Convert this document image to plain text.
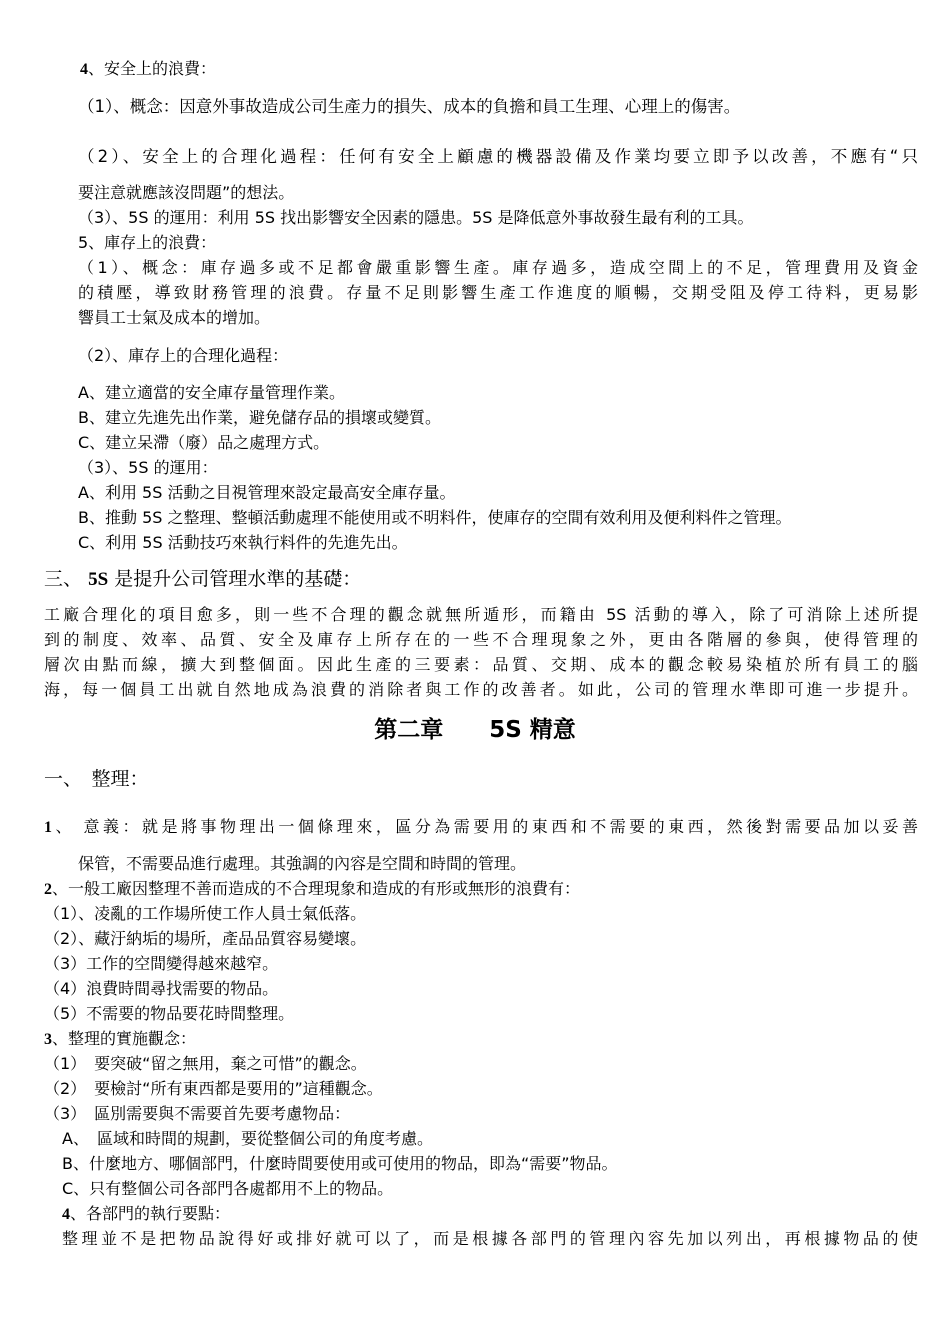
4、安全上的浪費：
（1）、概念：因意外事故造成公司生產力的損失、成本的負擔和員工生理、心理上的傷害。
（2）、安全上的合理化過程：任何有安全上顧慮的機器設備及作業均要立即予以改善，不應有“只
要注意就應該沒問題”的想法。
（3）、5S 的運用：利用 5S 找出影響安全因素的隱患。5S 是降低意外事故發生最有利的工具。
5、庫存上的浪費：
（1）、概念：庫存過多或不足都會嚴重影響生產。庫存過多，造成空間上的不足，管理費用及資金
的積壓，導致財務管理的浪費。存量不足則影響生產工作進度的順暢，交期受阻及停工待料，更易影
響員工士氣及成本的增加。
（2）、庫存上的合理化過程：
A、建立適當的安全庫存量管理作業。
B、建立先進先出作業，避免儲存品的損壞或變質。
C、建立呆滯（廢）品之處理方式。
（3）、5S 的運用：
A、利用 5S 活動之目視管理來設定最高安全庫存量。
B、推動 5S 之整理、整頓活動處理不能使用或不明料件，使庫存的空間有效利用及便利料件之管理。
C、利用 5S 活動技巧來執行料件的先進先出。
三、 5S 是提升公司管理水準的基礎：
工廠合理化的項目愈多，則一些不合理的觀念就無所遁形，而籍由 5S 活動的導入，除了可消除上述所提
到的制度、效率、品質、安全及庫存上所存在的一些不合理現象之外，更由各階層的參與，使得管理的
層次由點而線，擴大到整個面。因此生產的三要素：品質、交期、成本的觀念較易染植於所有員工的腦
海，每一個員工出就自然地成為浪費的消除者與工作的改善者。如此，公司的管理水準即可進一步提升。
第二章　　5S 精意
一、　整理：
1、 意義：就是將事物理出一個條理來，區分為需要用的東西和不需要的東西，然後對需要品加以妥善
保管，不需要品進行處理。其強調的內容是空間和時間的管理。
2、一般工廠因整理不善而造成的不合理現象和造成的有形或無形的浪費有：
（1）、凌亂的工作場所使工作人員士氣低落。
（2）、藏汙納垢的場所，產品品質容易變壞。
（3）工作的空間變得越來越窄。
（4）浪費時間尋找需要的物品。
（5）不需要的物品要花時間整理。
3、整理的實施觀念：
（1）　要突破“留之無用，棄之可惜”的觀念。
（2）　要檢討“所有東西都是要用的”這種觀念。
（3）　區別需要與不需要首先要考慮物品：
A、　區域和時間的規劃，要從整個公司的角度考慮。
B、什麼地方、哪個部門，什麼時間要使用或可使用的物品，即為“需要”物品。
C、只有整個公司各部門各處都用不上的物品。
4、各部門的執行要點：
整理並不是把物品說得好或排好就可以了，而是根據各部門的管理內容先加以列出，再根據物品的使
